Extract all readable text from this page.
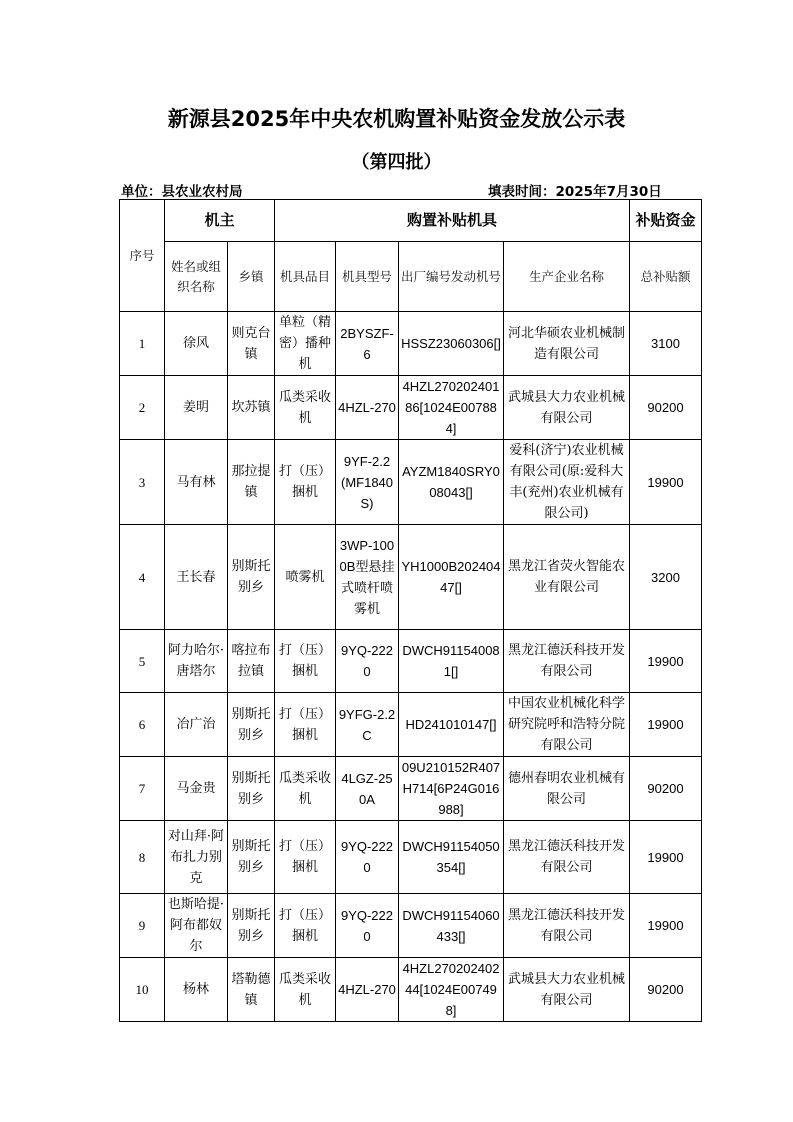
新源县2025年中央农机购置补贴资金发放公示表
（第四批）
单位：县农业农村局	填表时间：2025年7月30日
序号	机主		购置补贴机具				补贴资金
	姓名或组织名称	乡镇	机具品目	机具型号	出厂编号发动机号	生产企业名称	总补贴额
1	徐风	则克台镇	单粒（精密）播种机	2BYSZF-6	HSSZ23060306[]	河北华硕农业机械制造有限公司	3100
2	姜明	坎苏镇	瓜类采收机	4HZL-270	4HZL27020240186[1024E007884]	武城县大力农业机械有限公司	90200
3	马有林	那拉提镇	打（压）捆机	9YF-2.2(MF1840S)	AYZM1840SRY008043[]	爱科(济宁)农业机械有限公司(原:爱科大丰(兖州)农业机械有限公司)	19900
4	王长春	别斯托别乡	喷雾机	3WP-1000B型悬挂式喷杆喷雾机	YH1000B20240447[]	黑龙江省荧火智能农业有限公司	3200
5	阿力哈尔·唐塔尔	喀拉布拉镇	打（压）捆机	9YQ-2220	DWCH911540081[]	黑龙江德沃科技开发有限公司	19900
6	冶广治	别斯托别乡	打（压）捆机	9YFG-2.2C	HD241010147[]	中国农业机械化科学研究院呼和浩特分院有限公司	19900
7	马金贵	别斯托别乡	瓜类采收机	4LGZ-250A	09U210152R407H714[6P24G016988]	德州春明农业机械有限公司	90200
8	对山拜·阿布扎力别克	别斯托别乡	打（压）捆机	9YQ-2220	DWCH91154050354[]	黑龙江德沃科技开发有限公司	19900
9	也斯哈提·阿布都奴尔	别斯托别乡	打（压）捆机	9YQ-2220	DWCH91154060433[]	黑龙江德沃科技开发有限公司	19900
10	杨林	塔勒德镇	瓜类采收机	4HZL-270	4HZL27020240244[1024E007498]	武城县大力农业机械有限公司	90200
